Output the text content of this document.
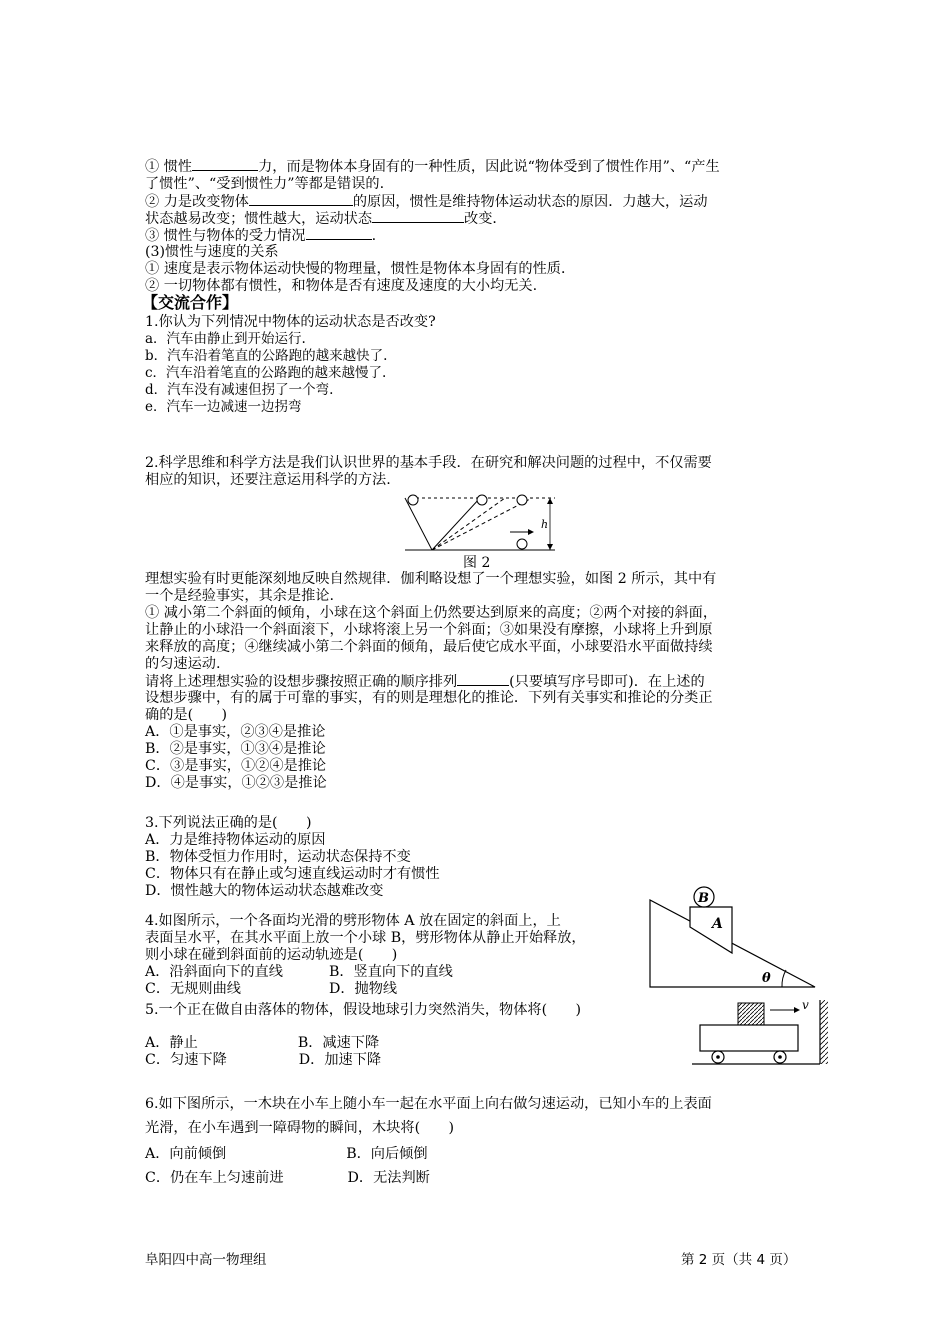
① 惯性	力，而是物体本身固有的一种性质，因此说“物体受到了惯性作用”、“产生
了惯性”、“受到惯性力”等都是错误的.
② 力是改变物体	的原因，惯性是维持物体运动状态的原因．力越大，运动
状态越易改变；惯性越大，运动状态	改变．
③ 惯性与物体的受力情况	.
(3)惯性与速度的关系
① 速度是表示物体运动快慢的物理量，惯性是物体本身固有的性质．
② 一切物体都有惯性，和物体是否有速度及速度的大小均无关.
【交流合作】
1.你认为下列情况中物体的运动状态是否改变?
a．汽车由静止到开始运行.
b．汽车沿着笔直的公路跑的越来越快了.
c．汽车沿着笔直的公路跑的越来越慢了.
d．汽车没有减速但拐了一个弯.
e．汽车一边减速一边拐弯
2.科学思维和科学方法是我们认识世界的基本手段．在研究和解决问题的过程中，不仅需要
相应的知识，还要注意运用科学的方法.
h
图 2
理想实验有时更能深刻地反映自然规律．伽利略设想了一个理想实验，如图 2 所示，其中有
一个是经验事实，其余是推论.
① 减小第二个斜面的倾角，小球在这个斜面上仍然要达到原来的高度；②两个对接的斜面，
让静止的小球沿一个斜面滚下，小球将滚上另一个斜面；③如果没有摩擦，小球将上升到原
来释放的高度；④继续减小第二个斜面的倾角，最后使它成水平面，小球要沿水平面做持续
的匀速运动.
请将上述理想实验的设想步骤按照正确的顺序排列	(只要填写序号即可)．在上述的
设想步骤中，有的属于可靠的事实，有的则是理想化的推论．下列有关事实和推论的分类正
确的是(　　)
A．①是事实，②③④是推论
B．②是事实，①③④是推论
C．③是事实，①②④是推论
D．④是事实，①②③是推论
3.下列说法正确的是(　　)
A．力是维持物体运动的原因
B．物体受恒力作用时，运动状态保持不变
C．物体只有在静止或匀速直线运动时才有惯性
D．惯性越大的物体运动状态越难改变
4.如图所示，一个各面均光滑的劈形物体 A 放在固定的斜面上，上
表面呈水平，在其水平面上放一个小球 B，劈形物体从静止开始释放，
则小球在碰到斜面前的运动轨迹是(　　)
A．沿斜面向下的直线	B．竖直向下的直线
C．无规则曲线	D．抛物线
B
A
θ
5.一个正在做自由落体的物体，假设地球引力突然消失，物体将(　　)
A．静止	B．减速下降
C．匀速下降	D．加速下降
v
6.如下图所示，一木块在小车上随小车一起在水平面上向右做匀速运动，已知小车的上表面
光滑，在小车遇到一障碍物的瞬间，木块将(　　)
A．向前倾倒	B．向后倾倒
C．仍在车上匀速前进	D．无法判断
阜阳四中高一物理组	第 2 页（共 4 页）
